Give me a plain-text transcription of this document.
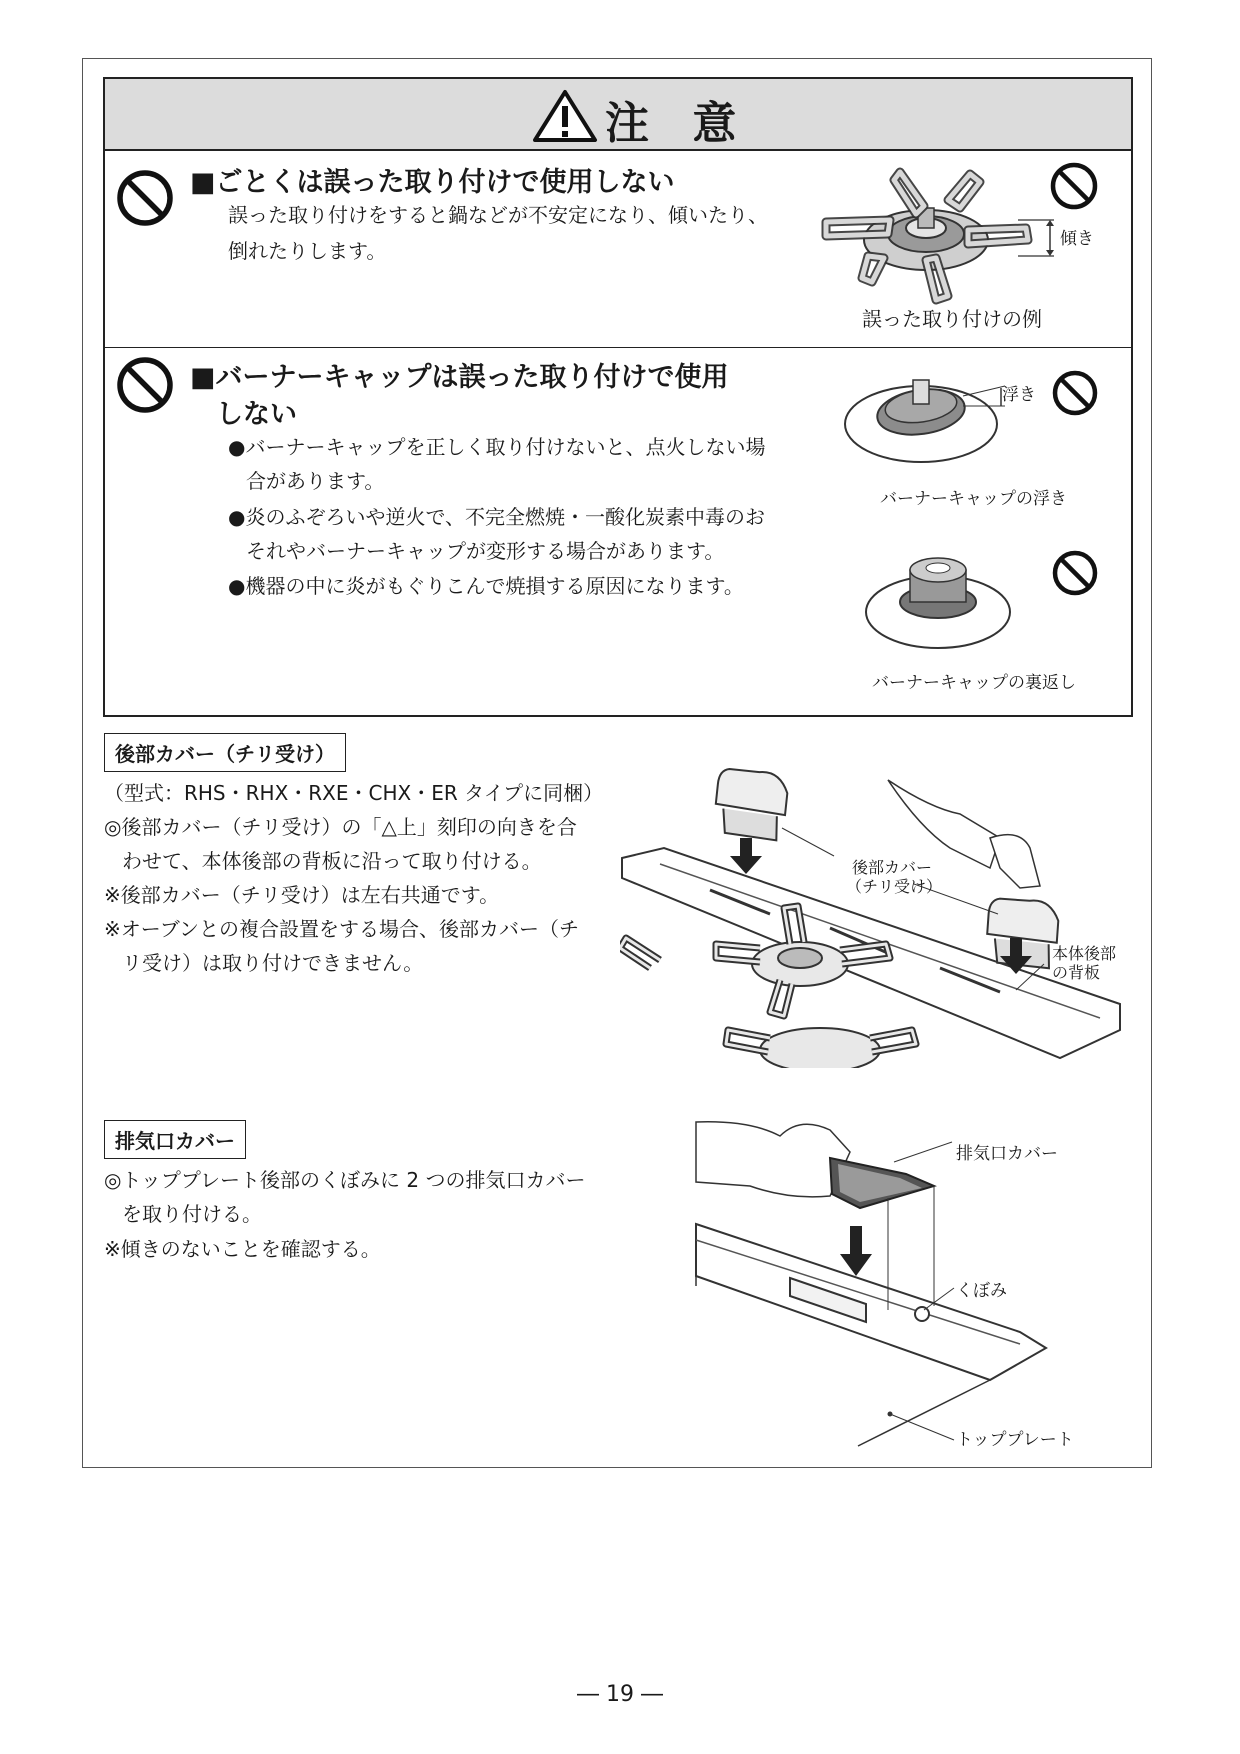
注 意
■ごとくは誤った取り付けで使用しない
誤った取り付けをすると鍋などが不安定になり、傾いたり、
倒れたりします。	傾き
誤った取り付けの例
■バーナーキャップは誤った取り付けで使用
しない
●バーナーキャップを正しく取り付けないと、点火しない場
合があります。
●炎のふぞろいや逆火で、不完全燃焼・一酸化炭素中毒のお
それやバーナーキャップが変形する場合があります。
●機器の中に炎がもぐりこんで焼損する原因になります。
浮き
バーナーキャップの浮き
バーナーキャップの裏返し
後部カバー（チリ受け）
（型式：RHS・RHX・RXE・CHX・ER タイプに同梱）
◎後部カバー（チリ受け）の「△上」刻印の向きを合
わせて、本体後部の背板に沿って取り付ける。
※後部カバー（チリ受け）は左右共通です。
※オーブンとの複合設置をする場合、後部カバー（チ
リ受け）は取り付けできません。
後部カバー
（チリ受け）
本体後部
の背板
排気口カバー
◎トッププレート後部のくぼみに 2 つの排気口カバー
を取り付ける。
※傾きのないことを確認する。
排気口カバー
くぼみ
トッププレート
― 19 ―
